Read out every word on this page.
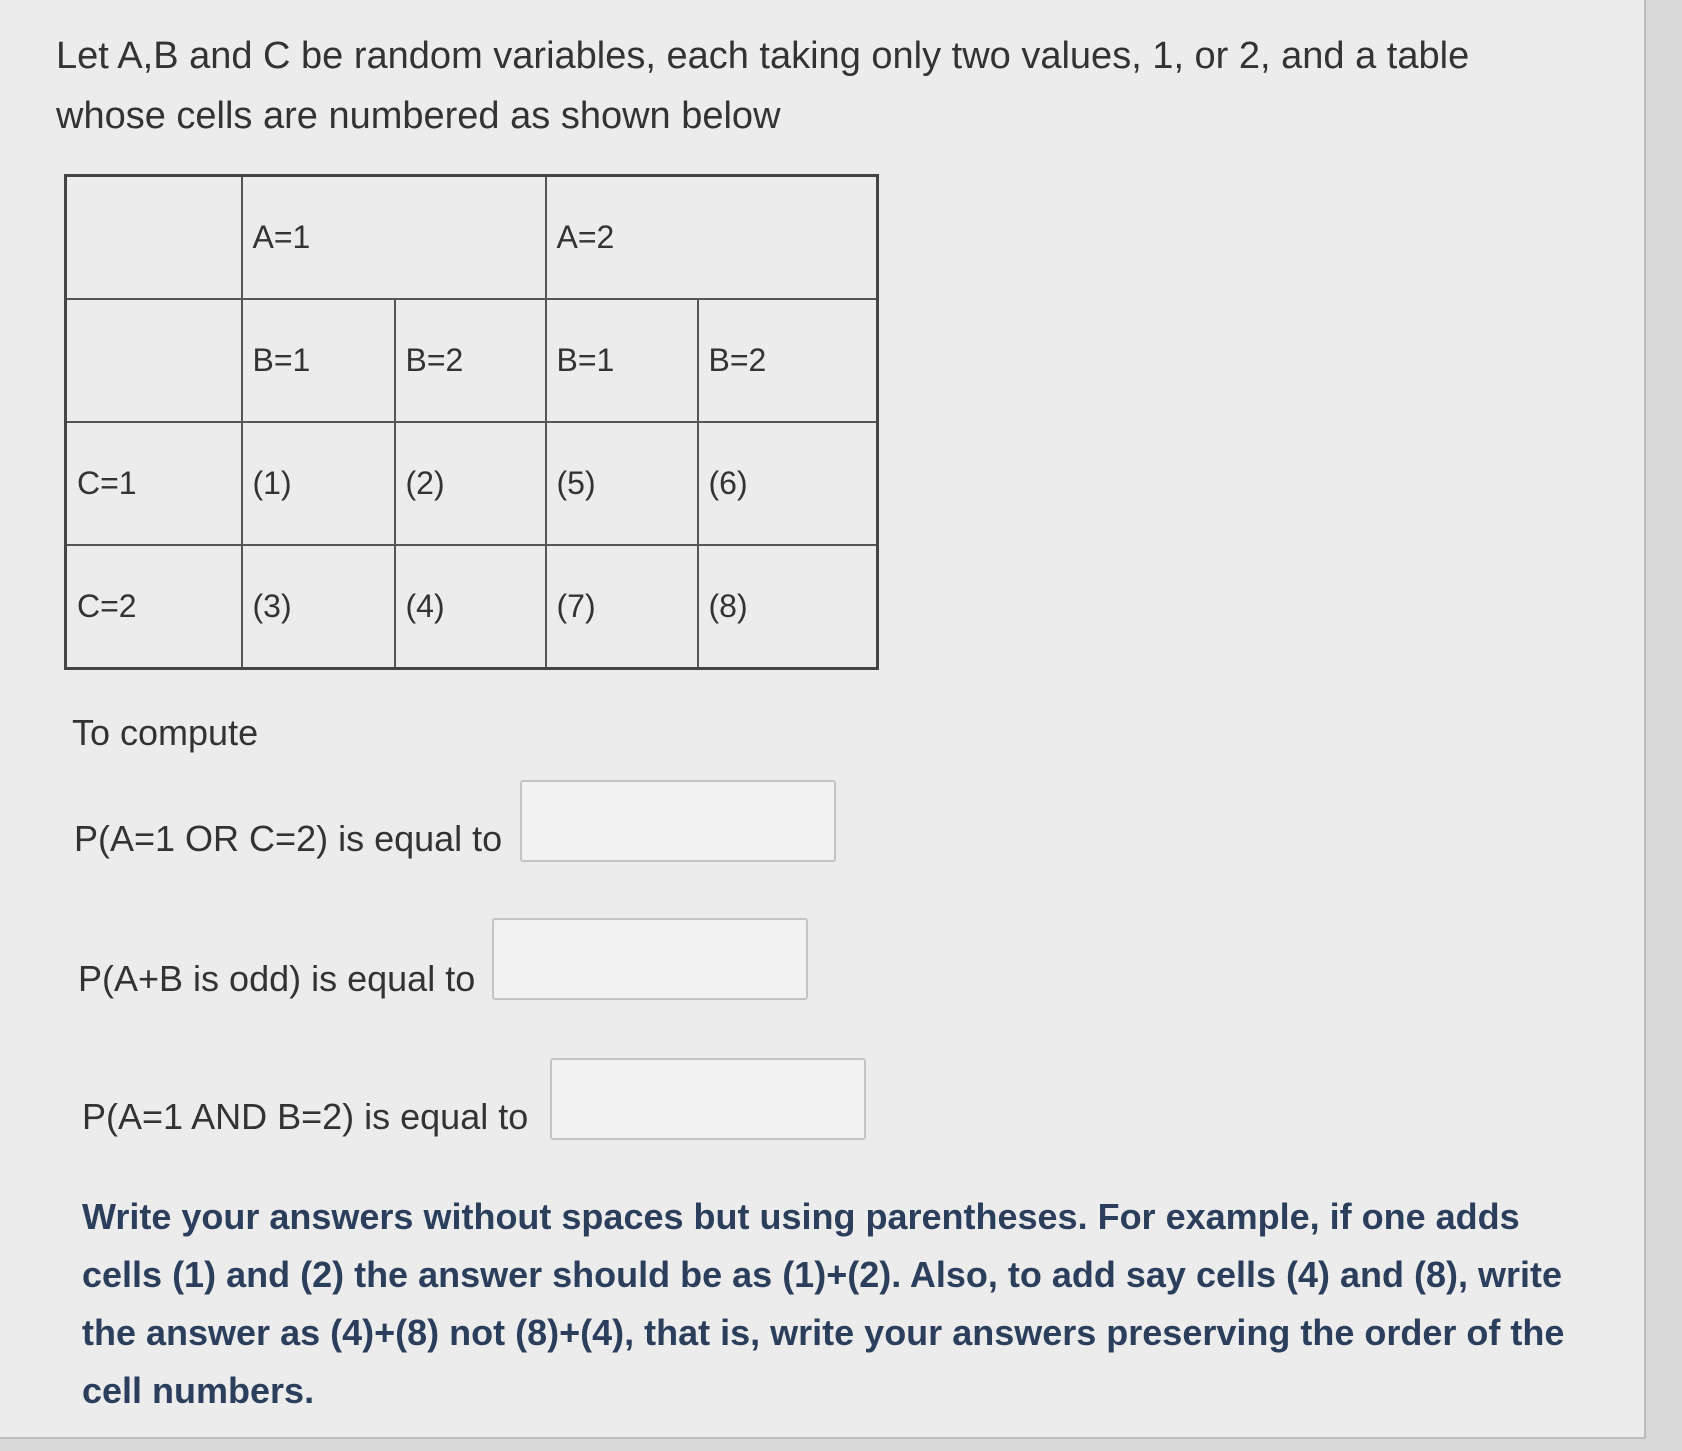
Let A,B and C be random variables, each taking only two values, 1, or 2, and a table whose cells are numbered as shown below
	A=1		A=2	
	B=1	B=2	B=1	B=2
C=1	(1)	(2)	(5)	(6)
C=2	(3)	(4)	(7)	(8)
To compute
P(A=1 OR C=2) is equal to
P(A+B is odd) is equal to
P(A=1 AND B=2) is equal to
Write your answers without spaces but using parentheses. For example, if one adds cells (1) and (2) the answer should be as (1)+(2). Also, to add say cells (4) and (8), write the answer as (4)+(8) not (8)+(4), that is, write your answers preserving the order of the cell numbers.
